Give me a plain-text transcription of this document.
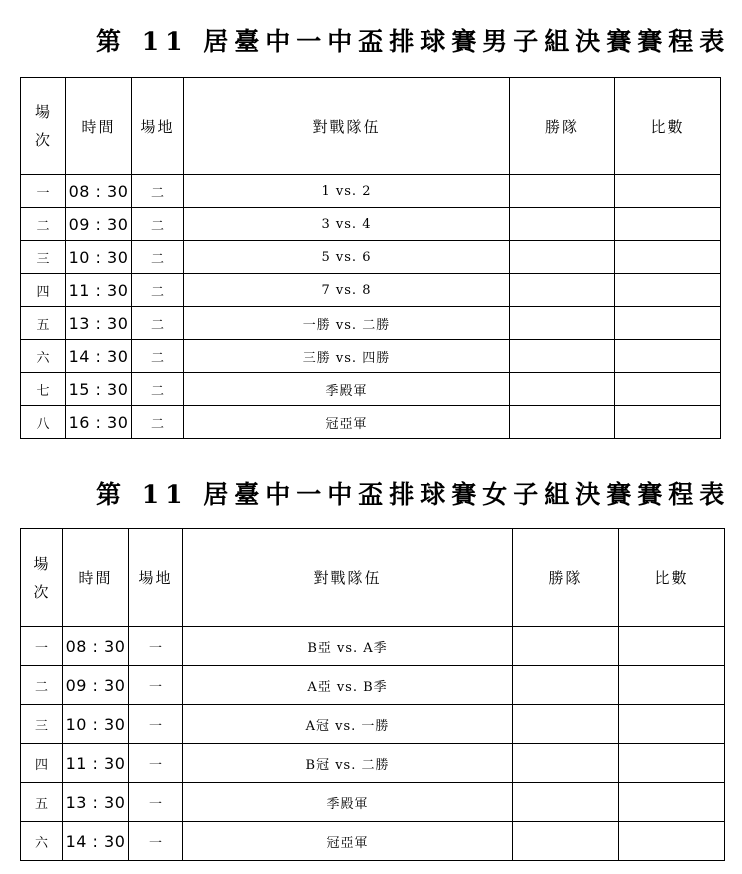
第 11 居臺中一中盃排球賽男子組決賽賽程表
場次	時間	場地	對戰隊伍	勝隊	比數
一	08 : 30	二	1 vs. 2		
二	09 : 30	二	3 vs. 4		
三	10 : 30	二	5 vs. 6		
四	11 : 30	二	7 vs. 8		
五	13 : 30	二	一勝 vs. 二勝		
六	14 : 30	二	三勝 vs. 四勝		
七	15 : 30	二	季殿軍		
八	16 : 30	二	冠亞軍		
第 11 居臺中一中盃排球賽女子組決賽賽程表
場次	時間	場地	對戰隊伍	勝隊	比數
一	08 : 30	一	B亞 vs. A季		
二	09 : 30	一	A亞 vs. B季		
三	10 : 30	一	A冠 vs. 一勝		
四	11 : 30	一	B冠 vs. 二勝		
五	13 : 30	一	季殿軍		
六	14 : 30	一	冠亞軍		
